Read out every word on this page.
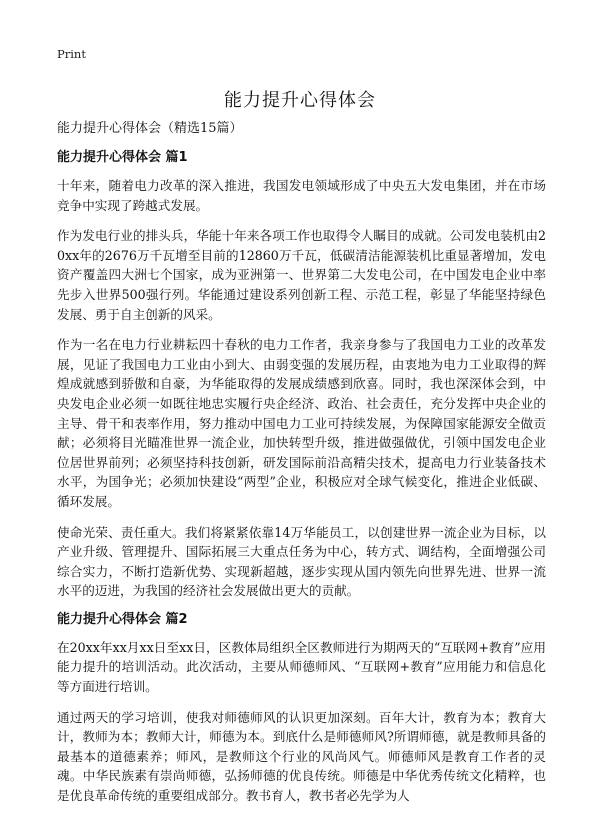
Print
能力提升心得体会
能力提升心得体会（精选15篇）
能力提升心得体会 篇1

十年来，随着电力改革的深入推进，我国发电领域形成了中央五大发电集团，并在市场竞争中实现了跨越式发展。

作为发电行业的排头兵，华能十年来各项工作也取得令人瞩目的成就。公司发电装机由20xx年的2676万千瓦增至目前的12860万千瓦，低碳清洁能源装机比重显著增加，发电资产覆盖四大洲七个国家，成为亚洲第一、世界第二大发电公司，在中国发电企业中率先步入世界500强行列。华能通过建设系列创新工程、示范工程，彰显了华能坚持绿色发展、勇于自主创新的风采。

作为一名在电力行业耕耘四十春秋的电力工作者，我亲身参与了我国电力工业的改革发展，见证了我国电力工业由小到大、由弱变强的发展历程，由衷地为电力工业取得的辉煌成就感到骄傲和自豪，为华能取得的发展成绩感到欣喜。同时，我也深深体会到，中央发电企业必须一如既往地忠实履行央企经济、政治、社会责任，充分发挥中央企业的主导、骨干和表率作用，努力推动中国电力工业可持续发展，为保障国家能源安全做贡献；必须将目光瞄准世界一流企业，加快转型升级，推进做强做优，引领中国发电企业位居世界前列；必须坚持科技创新，研发国际前沿高精尖技术，提高电力行业装备技术水平，为国争光；必须加快建设“两型”企业，积极应对全球气候变化，推进企业低碳、循环发展。

使命光荣、责任重大。我们将紧紧依靠14万华能员工，以创建世界一流企业为目标，以产业升级、管理提升、国际拓展三大重点任务为中心，转方式、调结构，全面增强公司综合实力，不断打造新优势、实现新超越，逐步实现从国内领先向世界先进、世界一流水平的迈进，为我国的经济社会发展做出更大的贡献。

能力提升心得体会 篇2

在20xx年xx月xx日至xx日，区教体局组织全区教师进行为期两天的“互联网+教育”应用能力提升的培训活动。此次活动，主要从师德师风、“互联网+教育”应用能力和信息化等方面进行培训。

通过两天的学习培训，使我对师德师风的认识更加深刻。百年大计，教育为本；教育大计，教师为本；教师大计，师德为本。到底什么是师德师风?所谓师德，就是教师具备的最基本的道德素养；师风，是教师这个行业的风尚风气。师德师风是教育工作者的灵魂。中华民族素有崇尚师德，弘扬师德的优良传统。师德是中华优秀传统文化精粹，也是优良革命传统的重要组成部分。教书育人，教书者必先学为人
